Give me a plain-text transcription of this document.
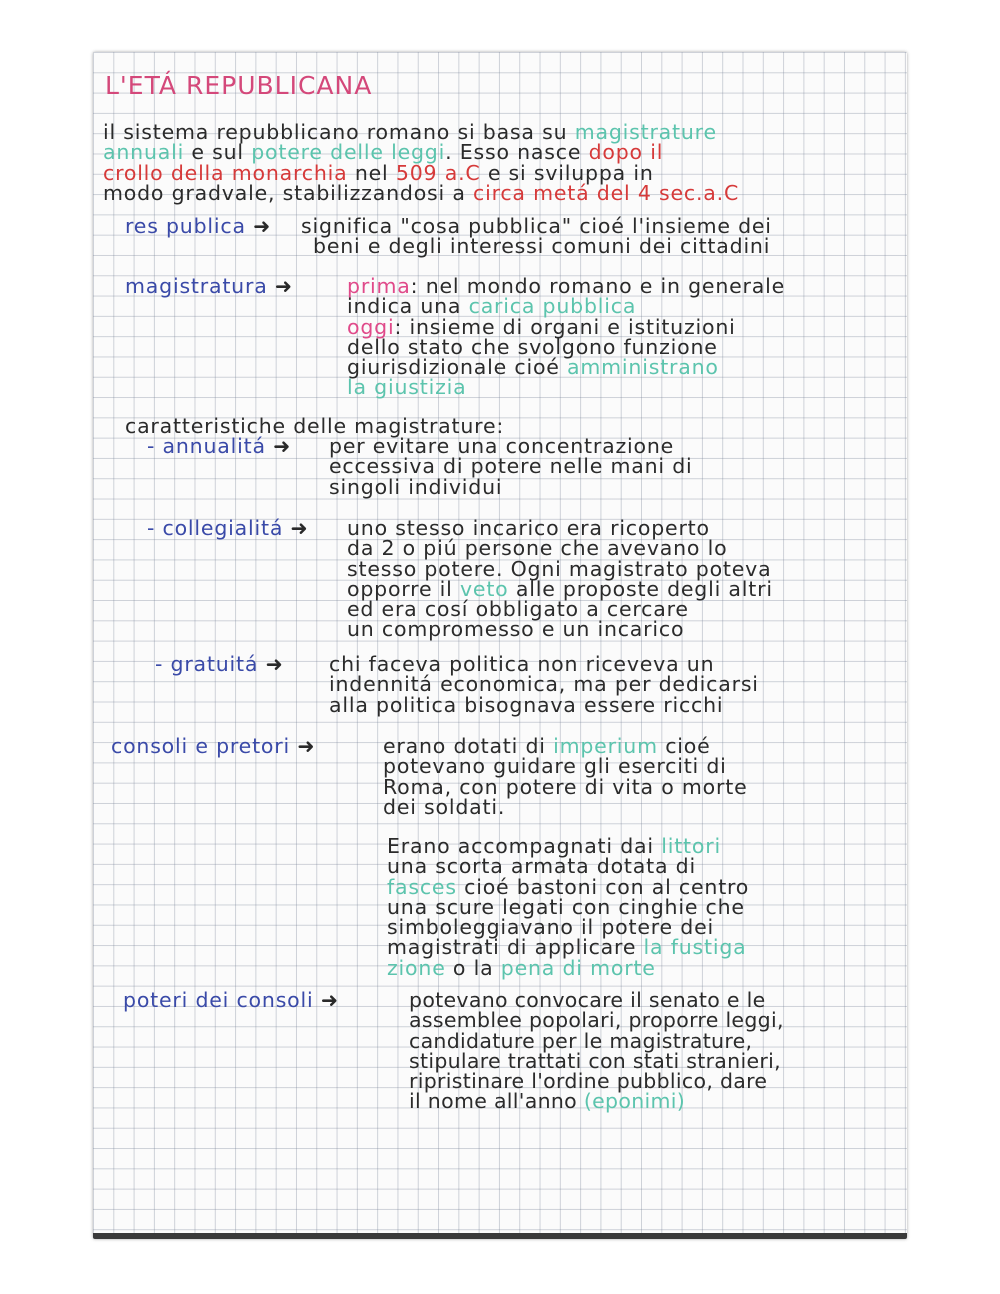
L'ETÁ REPUBLICANA
il sistema repubblicano romano si basa su magistrature
annuali e sul potere delle leggi. Esso nasce dopo il
crollo della monarchia nel 509 a.C e si sviluppa in
modo gradvale, stabilizzandosi a circa metá del 4 sec.a.C
res publica ➜ significa "cosa pubblica" cioé l'insieme dei
beni e degli interessi comuni dei cittadini
magistratura ➜	prima: nel mondo romano e in generale
indica una carica pubblica
oggi: insieme di organi e istituzioni
dello stato che svolgono funzione
giurisdizionale cioé amministrano
la giustizia
caratteristiche delle magistrature:
- annualitá ➜ per evitare una concentrazione
eccessiva di potere nelle mani di
singoli individui
- collegialitá ➜ uno stesso incarico era ricoperto
da 2 o piú persone che avevano lo
stesso potere. Ogni magistrato poteva
opporre il veto alle proposte degli altri
ed era cosí obbligato a cercare
un compromesso e un incarico
- gratuitá ➜ chi faceva politica non riceveva un
indennitá economica, ma per dedicarsi
alla politica bisognava essere ricchi
consoli e pretori ➜	erano dotati di imperium cioé
potevano guidare gli eserciti di
Roma, con potere di vita o morte
dei soldati.
Erano accompagnati dai littori
una scorta armata dotata di
fasces cioé bastoni con al centro
una scure legati con cinghie che
simboleggiavano il potere dei
magistrati di applicare la fustiga
zione o la pena di morte
poteri dei consoli ➜	potevano convocare il senato e le
assemblee popolari, proporre leggi,
candidature per le magistrature,
stipulare trattati con stati stranieri,
ripristinare l'ordine pubblico, dare
il nome all'anno (eponimi)
